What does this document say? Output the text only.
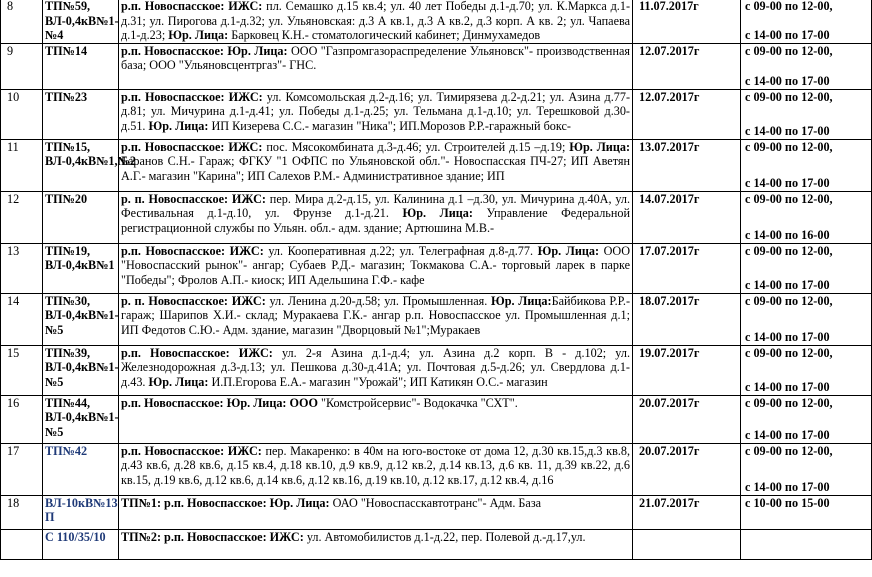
8	ТП№59, ВЛ-0,4кВ№1-№4	р.п. Новоспасское: ИЖС: пл. Семашко д.15 кв.4; ул. 40 лет Победы д.1-д.70; ул. К.Маркса д.1-д.31; ул. Пирогова д.1-д.32; ул. Ульяновская: д.3 А кв.1, д.3 А кв.2, д.3 корп. А кв. 2; ул. Чапаева д.1-д.23; Юр. Лица: Барковец К.Н.- стоматологический кабинет; Динмухамедов	11.07.2017г	с 09-00 по 12-00,
с 14-00 по 17-00

9	ТП№14	р.п. Новоспасское: Юр. Лица: ООО "Газпромгазораспределение Ульяновск"- производственная база; ООО "Ульяновсцентргаз"- ГНС.	12.07.2017г	с 09-00 по 12-00,
с 14-00 по 17-00

10	ТП№23	р.п. Новоспасское: ИЖС: ул. Комсомольская д.2-д.16; ул. Тимирязева д.2-д.21; ул. Азина д.77-д.81; ул. Мичурина д.1-д.41; ул. Победы д.1-д.25; ул. Тельмана д.1-д.10; ул. Терешковой д.30-д.51. Юр. Лица: ИП Кизерева С.С.- магазин "Ника"; ИП.Морозов Р.Р.-гаражный бокс-	12.07.2017г	с 09-00 по 12-00,
с 14-00 по 17-00

11	ТП№15, ВЛ-0,4кВ№1,№2	р.п. Новоспасское: ИЖС: пос. Мясокомбината д.3-д.46; ул. Строителей д.15 –д.19; Юр. Лица: Баранов С.Н.- Гараж; ФГКУ "1 ОФПС по Ульяновской обл."- Новоспасская ПЧ-27; ИП Аветян А.Г.- магазин "Карина"; ИП Салехов Р.М.- Административное здание; ИП	13.07.2017г	с 09-00 по 12-00,
с 14-00 по 17-00

12	ТП№20	р. п. Новоспасское: ИЖС: пер. Мира д.2-д.15, ул. Калинина д.1 –д.30, ул. Мичурина д.40А, ул. Фестивальная д.1-д.10, ул. Фрунзе д.1-д.21. Юр. Лица: Управление Федеральной регистрационной службы по Ульян. обл.- адм. здание; Артюшина М.В.-	14.07.2017г	с 09-00 по 12-00,
с 14-00 по 16-00

13	ТП№19, ВЛ-0,4кВ№1	р.п. Новоспасское: ИЖС: ул. Кооперативная д.22; ул. Телеграфная д.8-д.77. Юр. Лица: ООО "Новоспасский рынок"- ангар; Субаев Р.Д.- магазин; Токмакова С.А.- торговый ларек в парке "Победы"; Фролов А.П.- киоск; ИП Адельшина Г.Ф.- кафе	17.07.2017г	с 09-00 по 12-00,
с 14-00 по 17-00

14	ТП№30, ВЛ-0,4кВ№1-№5	р. п. Новоспасское: ИЖС: ул. Ленина д.20-д.58; ул. Промышленная. Юр. Лица:Байбикова Р.Р.- гараж; Шарипов Х.И.- склад; Муракаева Г.К.- ангар р.п. Новоспасское ул. Промышленная д.1; ИП Федотов С.Ю.- Адм. здание, магазин "Дворцовый №1";Муракаев	18.07.2017г	с 09-00 по 12-00,
с 14-00 по 17-00

15	ТП№39, ВЛ-0,4кВ№1-№5	р.п. Новоспасское: ИЖС: ул. 2-я Азина д.1-д.4; ул. Азина д.2 корп. В - д.102; ул. Железнодорожная д.3-д.13; ул. Пешкова д.30-д.41А; ул. Почтовая д.5-д.26; ул. Свердлова д.1-д.43. Юр. Лица: И.П.Егорова Е.А.- магазин "Урожай"; ИП Катикян О.С.- магазин	19.07.2017г	с 09-00 по 12-00,
с 14-00 по 17-00

16	ТП№44, ВЛ-0,4кВ№1-№5	р.п. Новоспасское: Юр. Лица: ООО "Комстройсервис"- Водокачка "СХТ".	20.07.2017г	с 09-00 по 12-00,
с 14-00 по 17-00

17	ТП№42	р.п. Новоспасское: ИЖС: пер. Макаренко: в 40м на юго-востоке от дома 12, д.30 кв.15,д.3 кв.8, д.43 кв.6, д.28 кв.6, д.15 кв.4, д.18 кв.10, д.9 кв.9, д.12 кв.2, д.14 кв.13, д.6 кв. 11, д.39 кв.22, д.6 кв.15, д.19 кв.6, д.12 кв.6, д.14 кв.6, д.12 кв.16, д.19 кв.10, д.12 кв.17, д.12 кв.4, д.16	20.07.2017г	с 09-00 по 12-00,
с 14-00 по 17-00

18	ВЛ-10кВ№13 П	ТП№1: р.п. Новоспасское: Юр. Лица: ОАО "Новоспасскавтотранс"- Адм. База	21.07.2017г	с 10-00 по 15-00

	С 110/35/10	ТП№2: р.п. Новоспасское: ИЖС: ул. Автомобилистов д.1-д.22, пер. Полевой д.-д.17,ул.		
